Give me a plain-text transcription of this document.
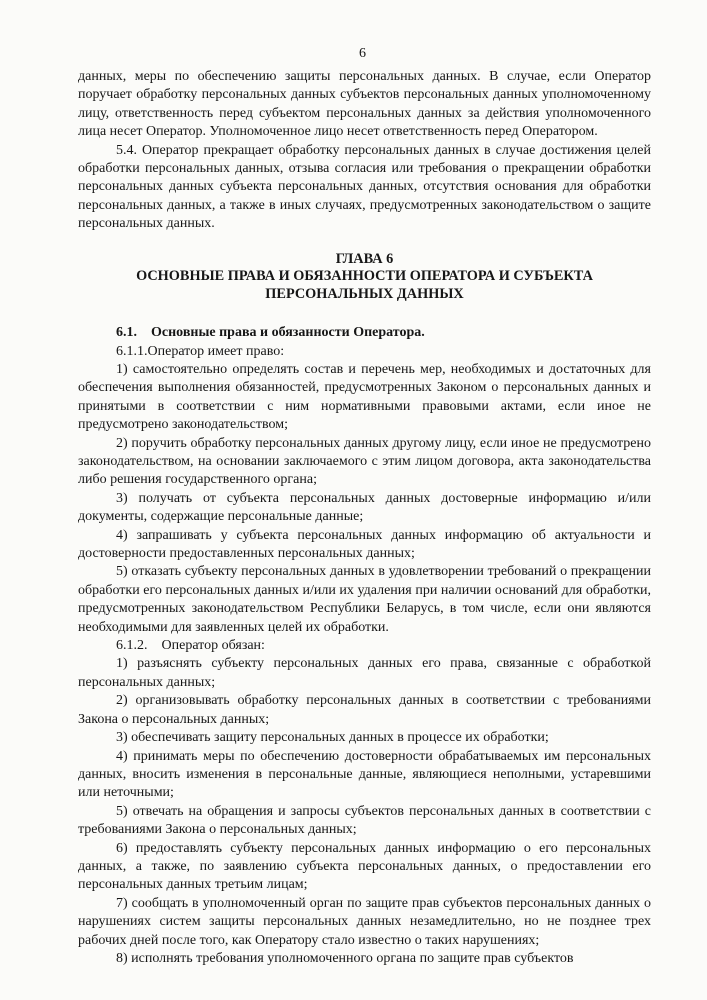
6

данных, меры по обеспечению защиты персональных данных. В случае, если Оператор поручает обработку персональных данных субъектов персональных данных уполномоченному лицу, ответственность перед субъектом персональных данных за действия уполномоченного лица несет Оператор. Уполномоченное лицо несет ответственность перед Оператором.

5.4. Оператор прекращает обработку персональных данных в случае достижения целей обработки персональных данных, отзыва согласия или требования о прекращении обработки персональных данных субъекта персональных данных, отсутствия основания для обработки персональных данных, а также в иных случаях, предусмотренных законодательством о защите персональных данных.

ГЛАВА 6
ОСНОВНЫЕ ПРАВА И ОБЯЗАННОСТИ ОПЕРАТОРА И СУБЪЕКТА
ПЕРСОНАЛЬНЫХ ДАННЫХ

6.1. Основные права и обязанности Оператора.

6.1.1.Оператор имеет право:

1) самостоятельно определять состав и перечень мер, необходимых и достаточных для обеспечения выполнения обязанностей, предусмотренных Законом о персональных данных и принятыми в соответствии с ним нормативными правовыми актами, если иное не предусмотрено законодательством;

2) поручить обработку персональных данных другому лицу, если иное не предусмотрено законодательством, на основании заключаемого с этим лицом договора, акта законодательства либо решения государственного органа;

3) получать от субъекта персональных данных достоверные информацию и/или документы, содержащие персональные данные;

4) запрашивать у субъекта персональных данных информацию об актуальности и достоверности предоставленных персональных данных;

5) отказать субъекту персональных данных в удовлетворении требований о прекращении обработки его персональных данных и/или их удаления при наличии оснований для обработки, предусмотренных законодательством Республики Беларусь, в том числе, если они являются необходимыми для заявленных целей их обработки.

6.1.2. Оператор обязан:

1) разъяснять субъекту персональных данных его права, связанные с обработкой персональных данных;

2) организовывать обработку персональных данных в соответствии с требованиями Закона о персональных данных;

3) обеспечивать защиту персональных данных в процессе их обработки;

4) принимать меры по обеспечению достоверности обрабатываемых им персональных данных, вносить изменения в персональные данные, являющиеся неполными, устаревшими или неточными;

5) отвечать на обращения и запросы субъектов персональных данных в соответствии с требованиями Закона о персональных данных;

6) предоставлять субъекту персональных данных информацию о его персональных данных, а также, по заявлению субъекта персональных данных, о предоставлении его персональных данных третьим лицам;

7) сообщать в уполномоченный орган по защите прав субъектов персональных данных о нарушениях систем защиты персональных данных незамедлительно, но не позднее трех рабочих дней после того, как Оператору стало известно о таких нарушениях;

8) исполнять требования уполномоченного органа по защите прав субъектов
